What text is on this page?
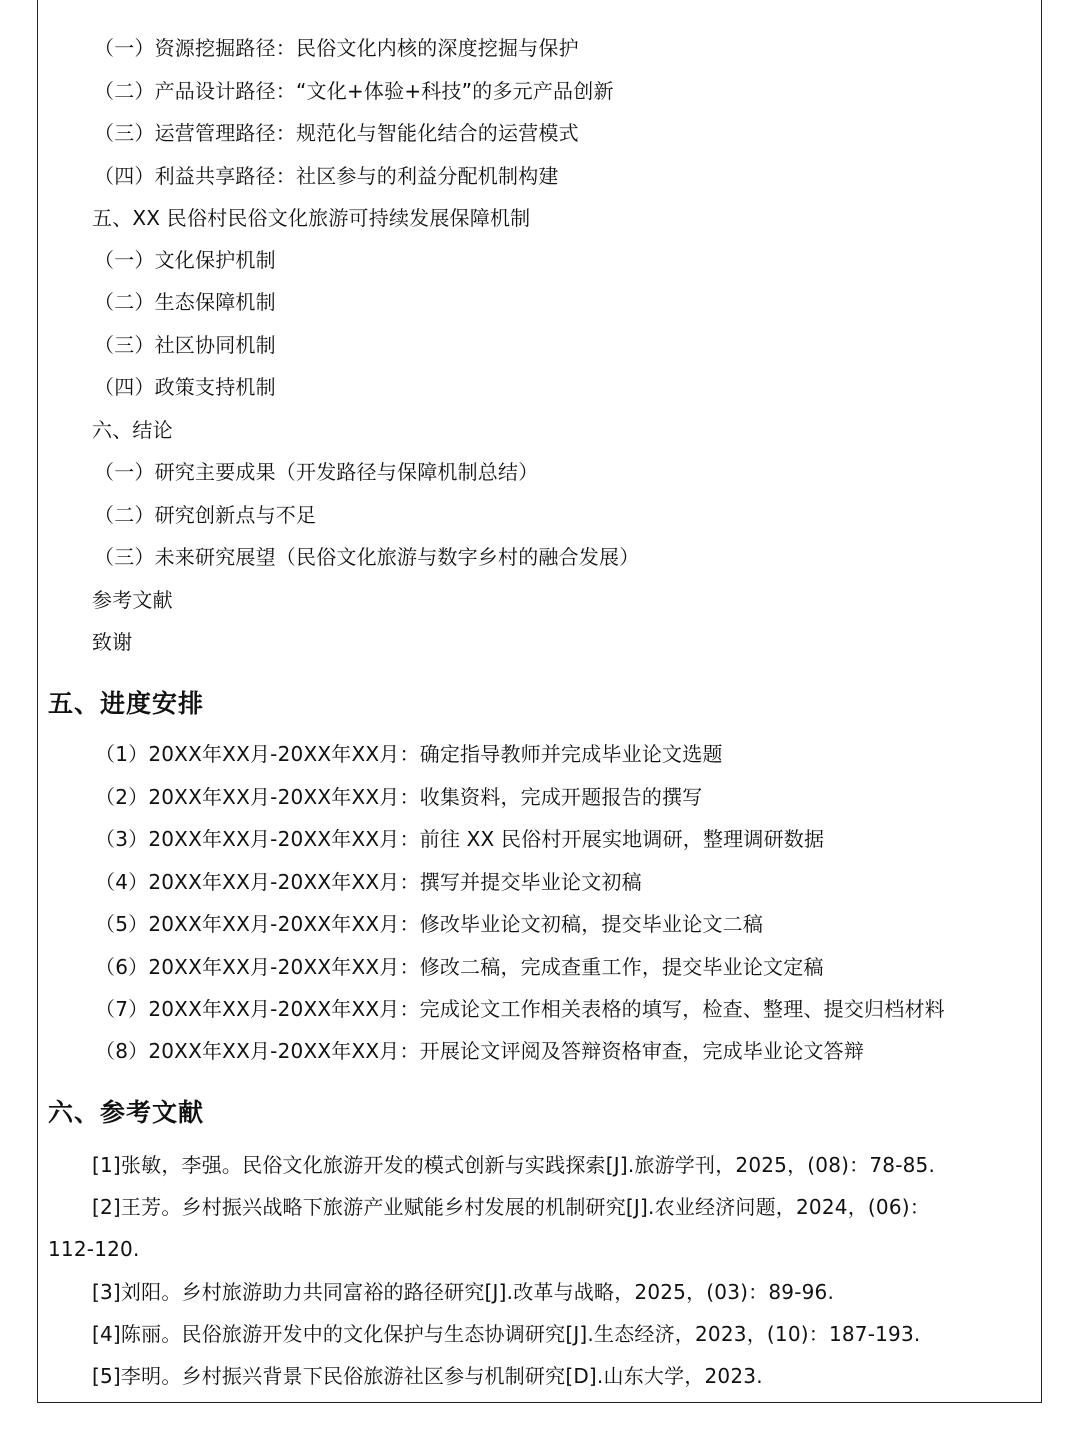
（一）资源挖掘路径：民俗文化内核的深度挖掘与保护
（二）产品设计路径：“文化+体验+科技”的多元产品创新
（三）运营管理路径：规范化与智能化结合的运营模式
（四）利益共享路径：社区参与的利益分配机制构建
五、XX 民俗村民俗文化旅游可持续发展保障机制
（一）文化保护机制
（二）生态保障机制
（三）社区协同机制
（四）政策支持机制
六、结论
（一）研究主要成果（开发路径与保障机制总结）
（二）研究创新点与不足
（三）未来研究展望（民俗文化旅游与数字乡村的融合发展）
参考文献
致谢
五、进度安排
（1）20XX年XX月-20XX年XX月：确定指导教师并完成毕业论文选题
（2）20XX年XX月-20XX年XX月：收集资料，完成开题报告的撰写
（3）20XX年XX月-20XX年XX月：前往 XX 民俗村开展实地调研，整理调研数据
（4）20XX年XX月-20XX年XX月：撰写并提交毕业论文初稿
（5）20XX年XX月-20XX年XX月：修改毕业论文初稿，提交毕业论文二稿
（6）20XX年XX月-20XX年XX月：修改二稿，完成查重工作，提交毕业论文定稿
（7）20XX年XX月-20XX年XX月：完成论文工作相关表格的填写，检查、整理、提交归档材料
（8）20XX年XX月-20XX年XX月：开展论文评阅及答辩资格审查，完成毕业论文答辩
六、参考文献
[1]张敏，李强。民俗文化旅游开发的模式创新与实践探索[J].旅游学刊，2025，(08)：78-85.
[2]王芳。乡村振兴战略下旅游产业赋能乡村发展的机制研究[J].农业经济问题，2024，(06)：
112-120.
[3]刘阳。乡村旅游助力共同富裕的路径研究[J].改革与战略，2025，(03)：89-96.
[4]陈丽。民俗旅游开发中的文化保护与生态协调研究[J].生态经济，2023，(10)：187-193.
[5]李明。乡村振兴背景下民俗旅游社区参与机制研究[D].山东大学，2023.
